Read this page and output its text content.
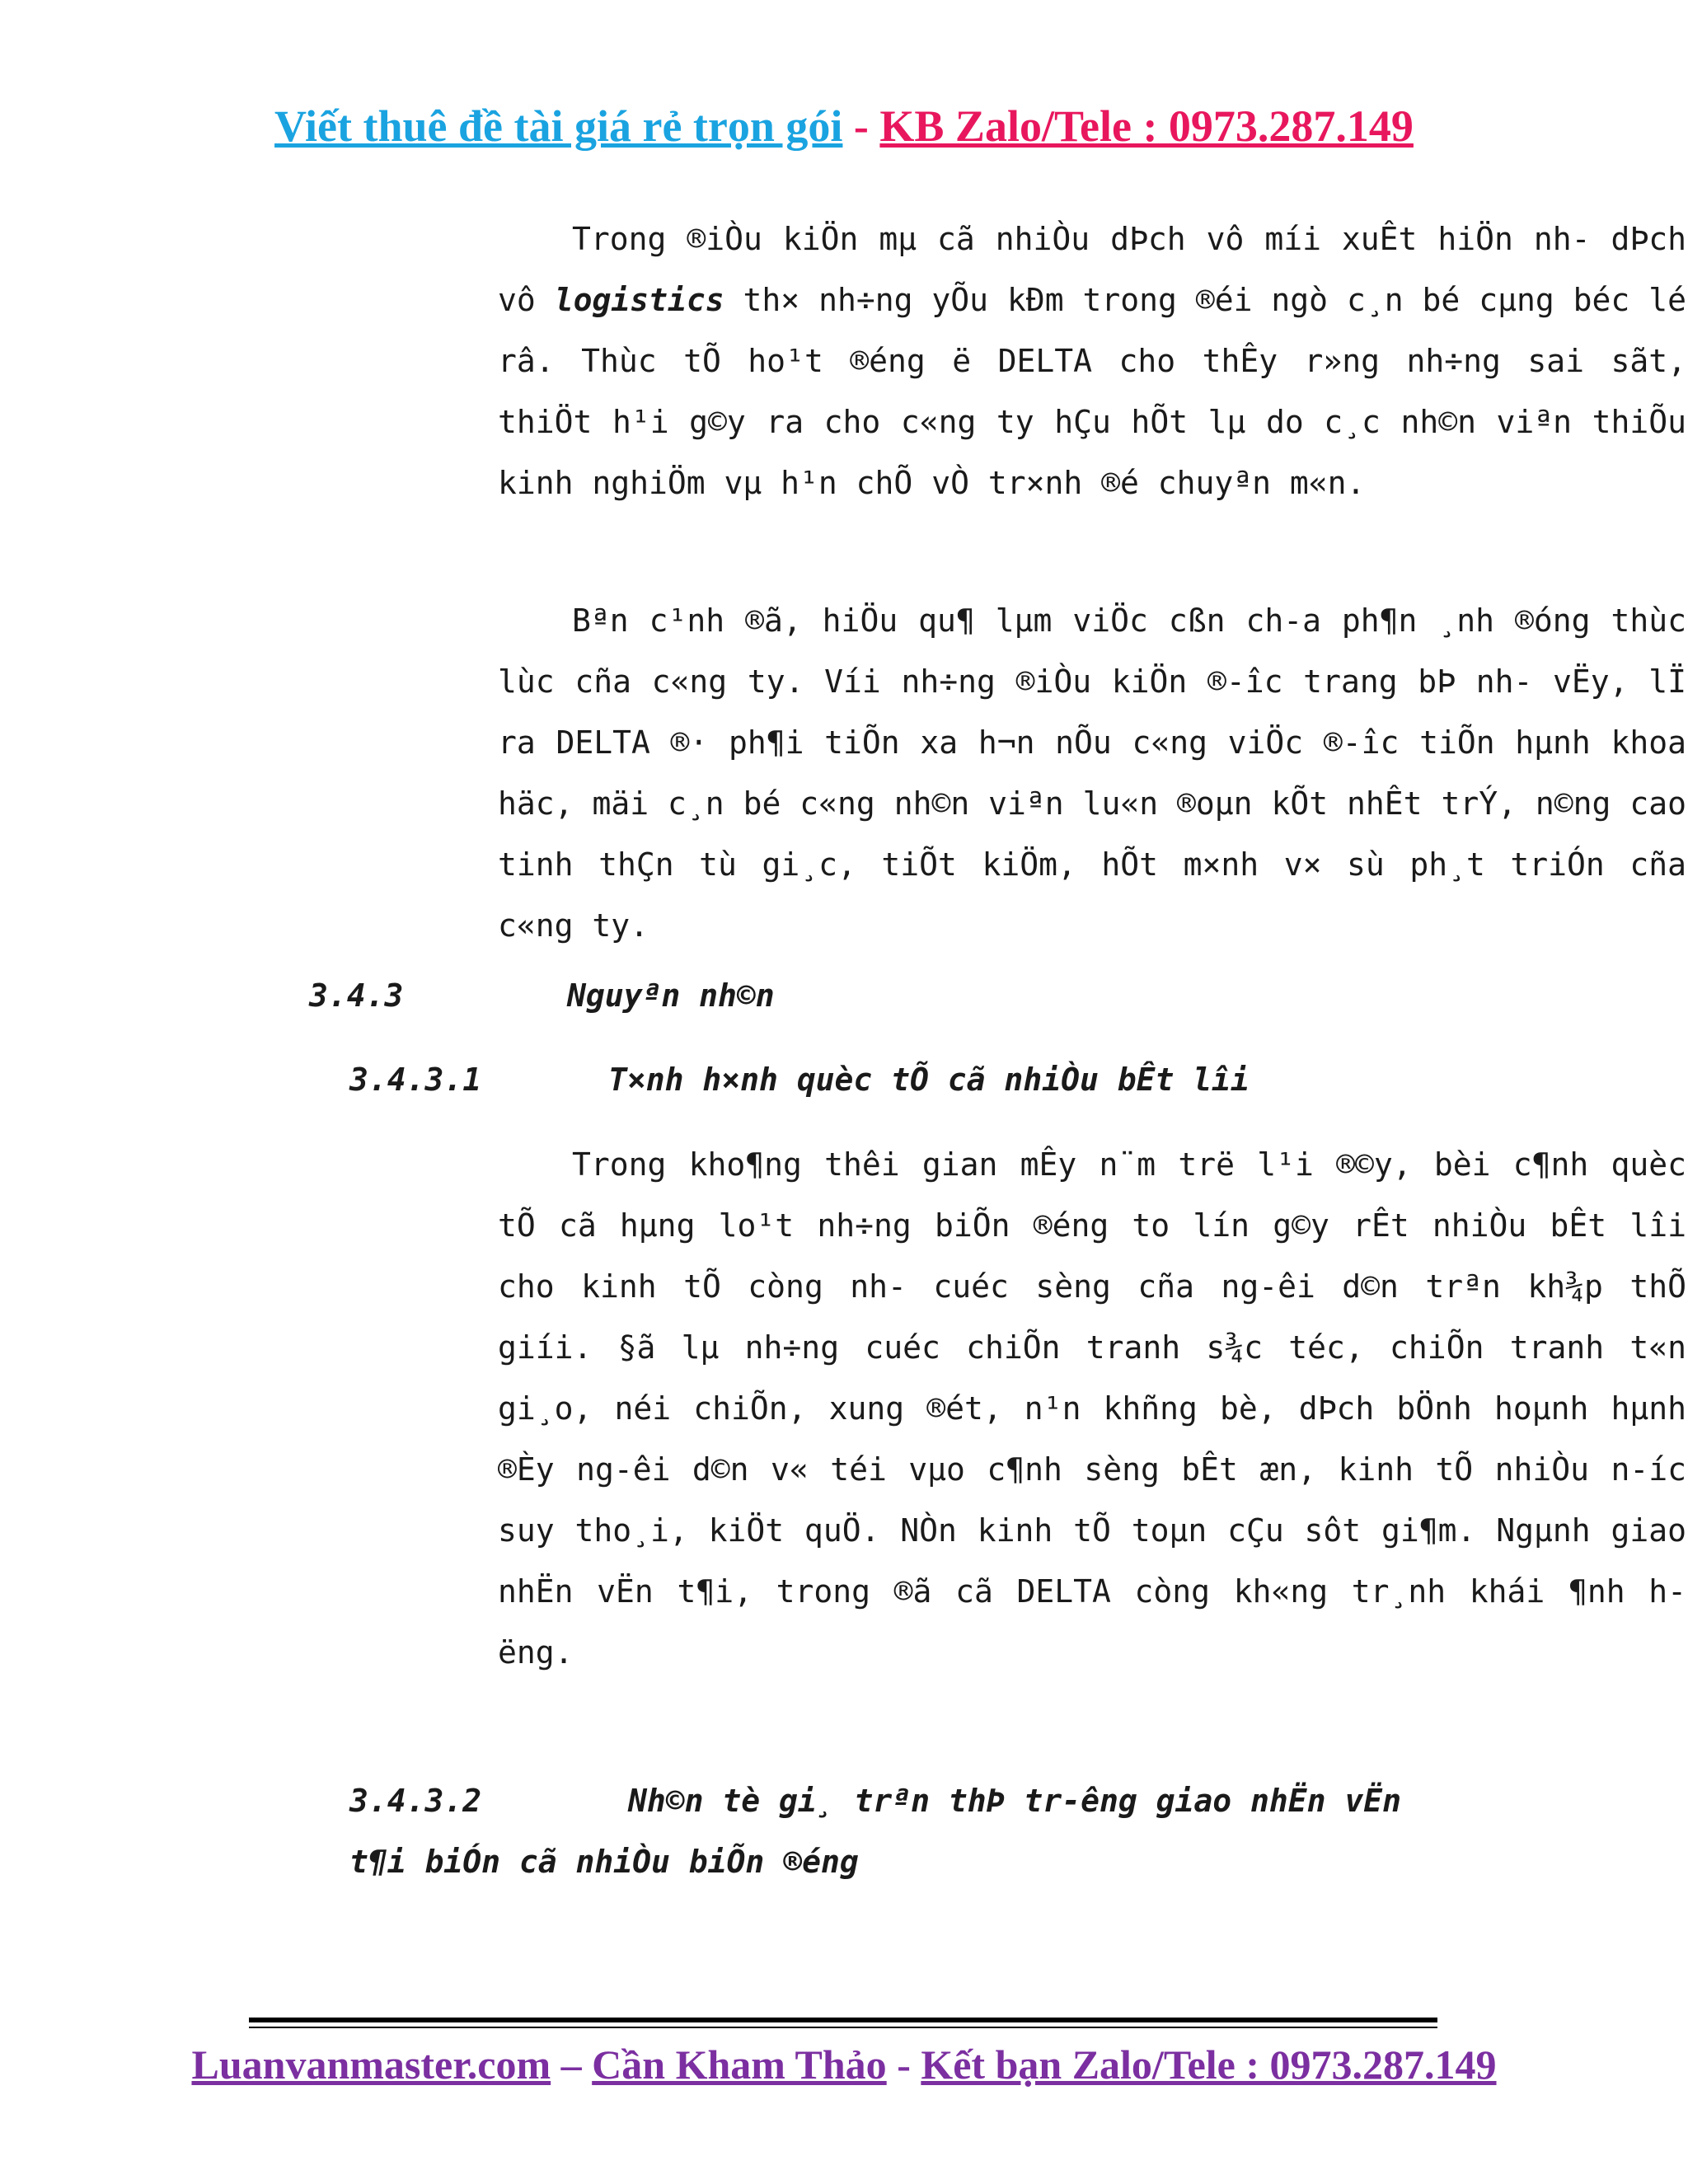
Viết thuê đề tài giá rẻ trọn gói - KB Zalo/Tele : 0973.287.149

Trong ®iÒu kiÖn mµ cã nhiÒu dÞch vô míi xuÊt hiÖn nh- dÞch vô logistics th× nh÷ng yÕu kÐm trong ®éi ngò c¸n bé cµng béc lé râ. Thùc tÕ ho¹t ®éng ë DELTA cho thÊy r»ng nh÷ng sai sãt, thiÖt h¹i g©y ra cho c«ng ty hÇu hÕt lµ do c¸c nh©n viªn thiÕu kinh nghiÖm vµ h¹n chÕ vÒ tr×nh ®é chuyªn m«n.

Bªn c¹nh ®ã, hiÖu qu¶ lµm viÖc cßn ch-a ph¶n ¸nh ®óng thùc lùc cña c«ng ty. Víi nh÷ng ®iÒu kiÖn ®-îc trang bÞ nh- vËy, lÏ ra DELTA ®· ph¶i tiÕn xa h¬n nÕu c«ng viÖc ®-îc tiÕn hµnh khoa häc, mäi c¸n bé c«ng nh©n viªn lu«n ®oµn kÕt nhÊt trÝ, n©ng cao tinh thÇn tù gi¸c, tiÕt kiÖm, hÕt m×nh v× sù ph¸t triÓn cña c«ng ty.

Trong kho¶ng thêi gian mÊy n¨m trë l¹i ®©y, bèi c¶nh quèc tÕ cã hµng lo¹t nh÷ng biÕn ®éng to lín g©y rÊt nhiÒu bÊt lîi cho kinh tÕ còng nh- cuéc sèng cña ng-êi d©n trªn kh¾p thÕ giíi. §ã lµ nh÷ng cuéc chiÕn tranh s¾c téc, chiÕn tranh t«n gi¸o, néi chiÕn, xung ®ét, n¹n khñng bè, dÞch bÖnh hoµnh hµnh ®Èy ng-êi d©n v« téi vµo c¶nh sèng bÊt æn, kinh tÕ nhiÒu n-íc suy tho¸i, kiÖt quÖ. NÒn kinh tÕ toµn cÇu sôt gi¶m. Ngµnh giao nhËn vËn t¶i, trong ®ã cã DELTA còng kh«ng tr¸nh khái ¶nh h-ëng.

3.4.3	Nguyªn nh©n
3.4.3.1	T×nh h×nh quèc tÕ cã nhiÒu bÊt lîi
3.4.3.2	Nh©n tè gi¸ trªn thÞ tr-êng giao nhËn vËn t¶i biÓn cã nhiÒu biÕn ®éng
Luanvanmaster.com – Cần Kham Thảo - Kết bạn Zalo/Tele : 0973.287.149
